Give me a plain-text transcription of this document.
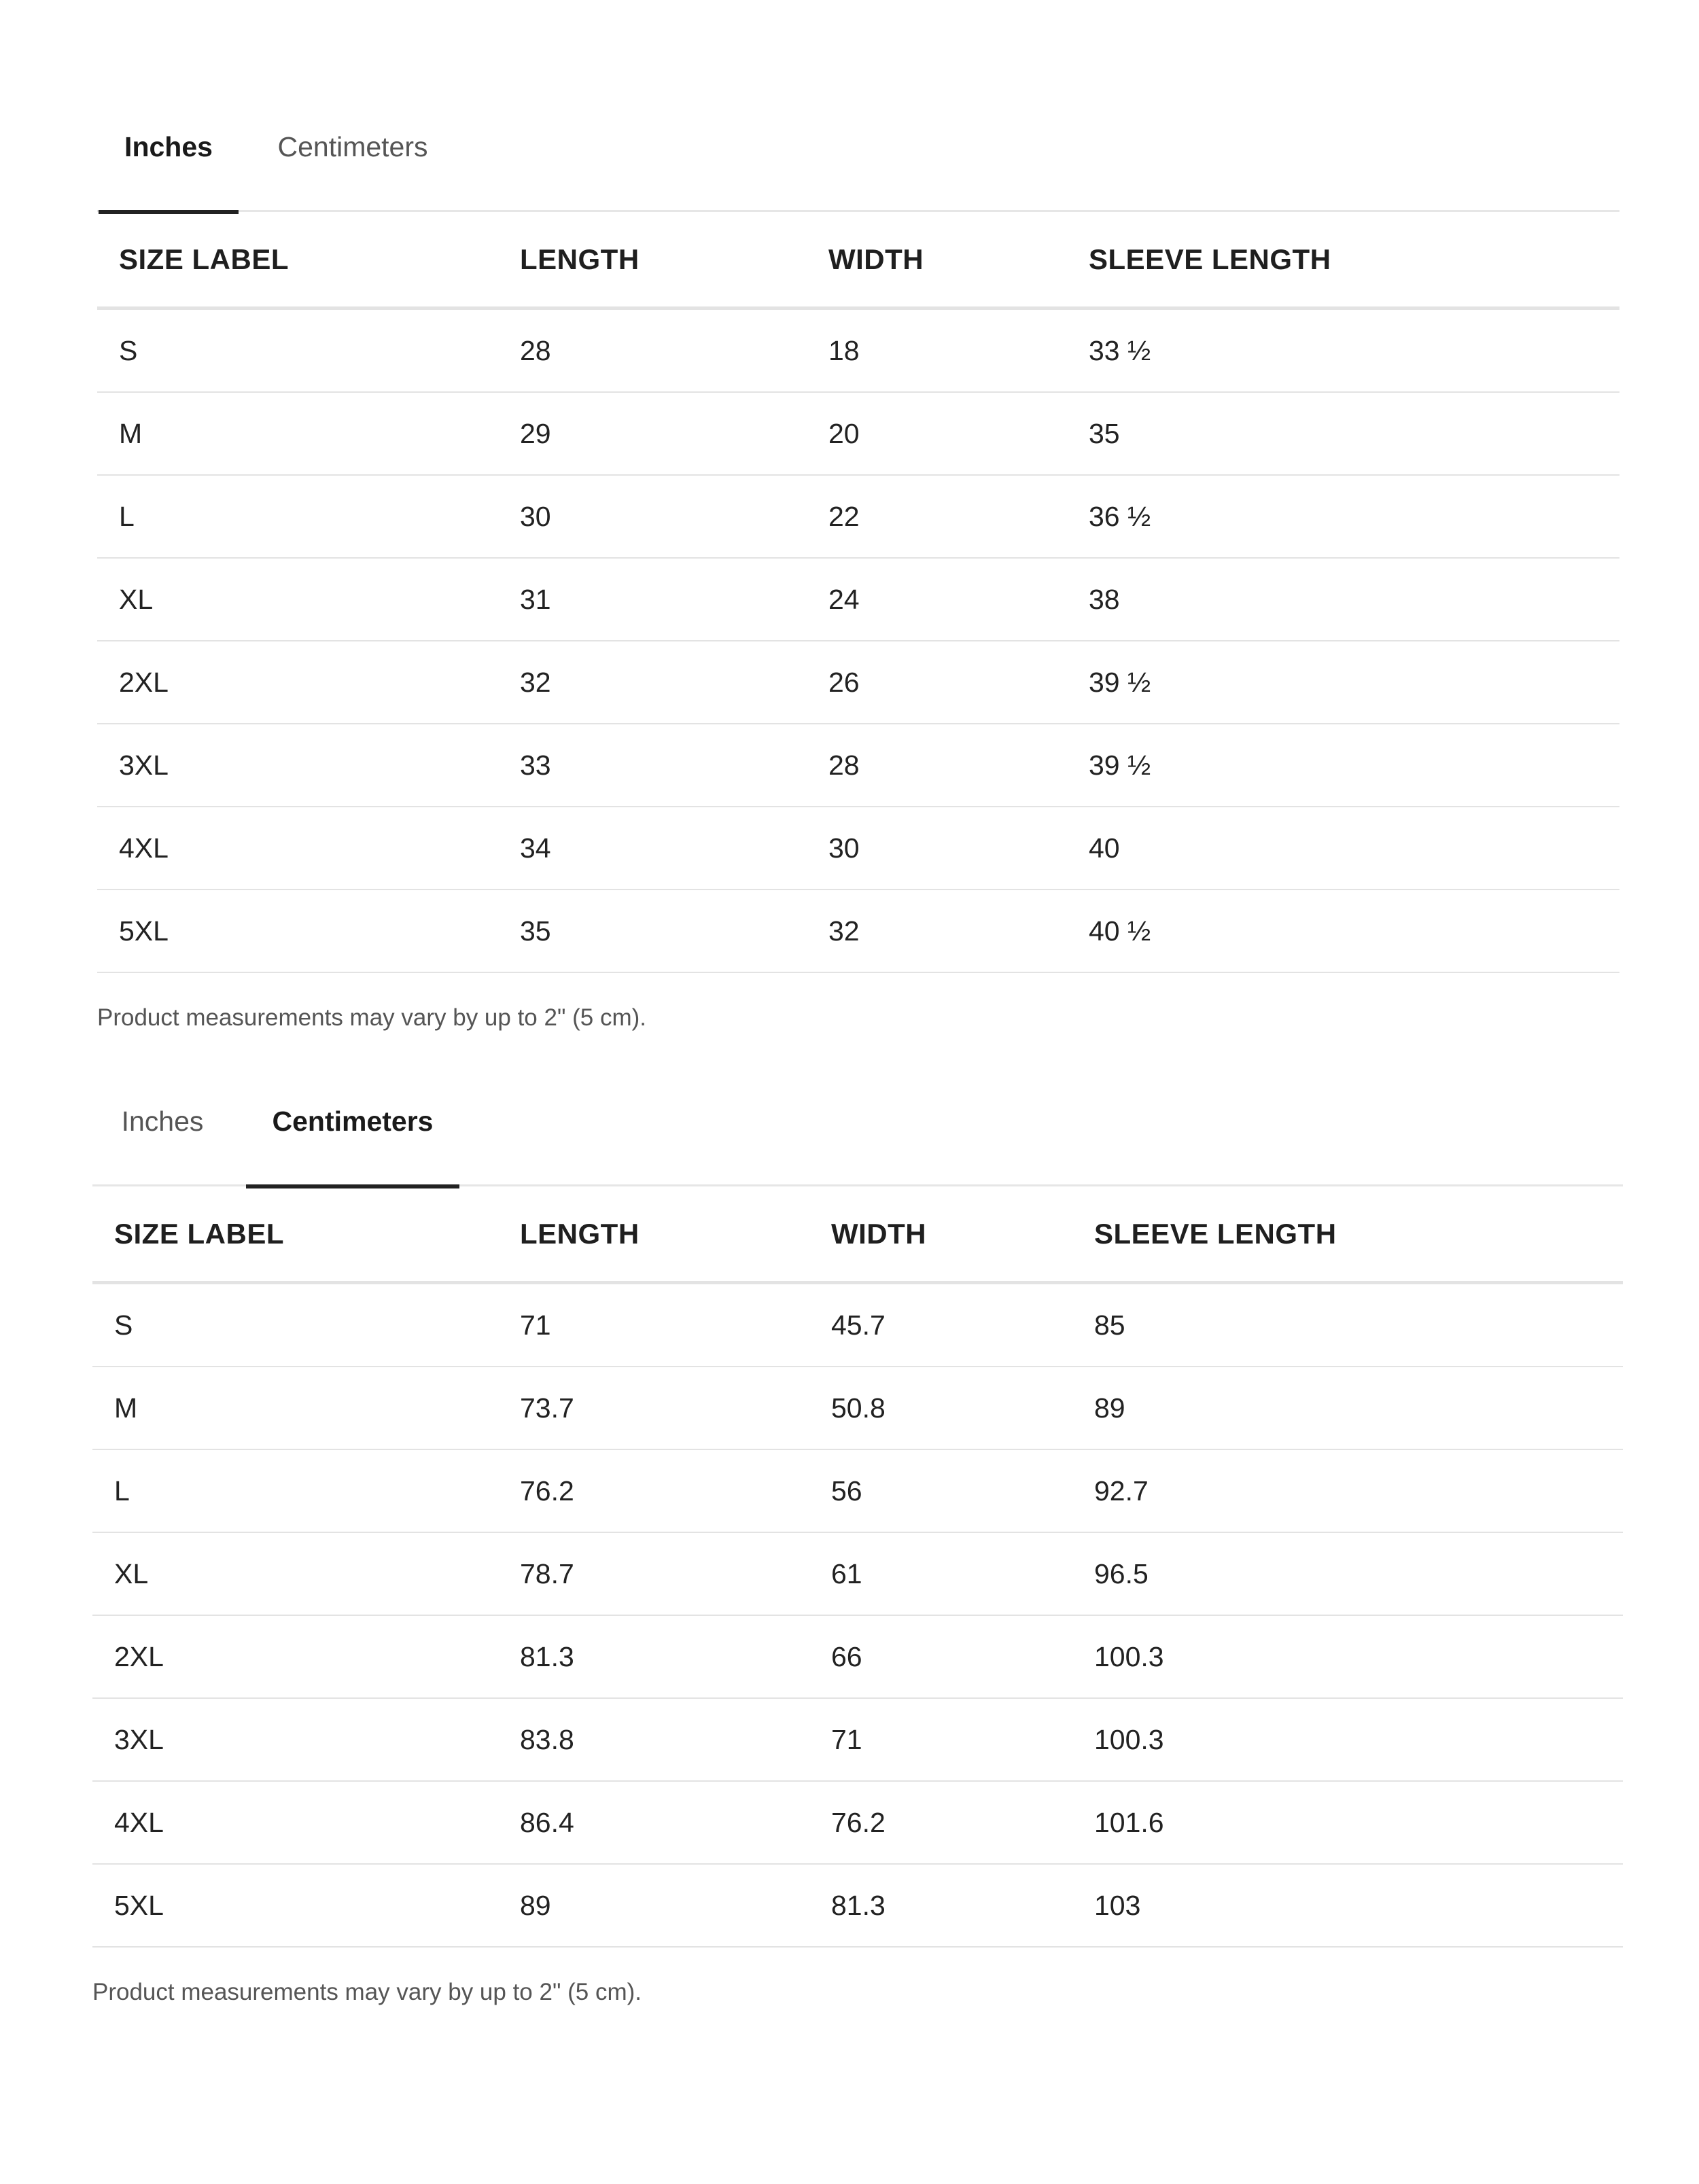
Inches	Centimeters
SIZE LABEL	LENGTH	WIDTH	SLEEVE LENGTH
S	28	18	33 ½
M	29	20	35
L	30	22	36 ½
XL	31	24	38
2XL	32	26	39 ½
3XL	33	28	39 ½
4XL	34	30	40
5XL	35	32	40 ½
Product measurements may vary by up to 2" (5 cm).
Inches	Centimeters
SIZE LABEL	LENGTH	WIDTH	SLEEVE LENGTH
S	71	45.7	85
M	73.7	50.8	89
L	76.2	56	92.7
XL	78.7	61	96.5
2XL	81.3	66	100.3
3XL	83.8	71	100.3
4XL	86.4	76.2	101.6
5XL	89	81.3	103
Product measurements may vary by up to 2" (5 cm).
